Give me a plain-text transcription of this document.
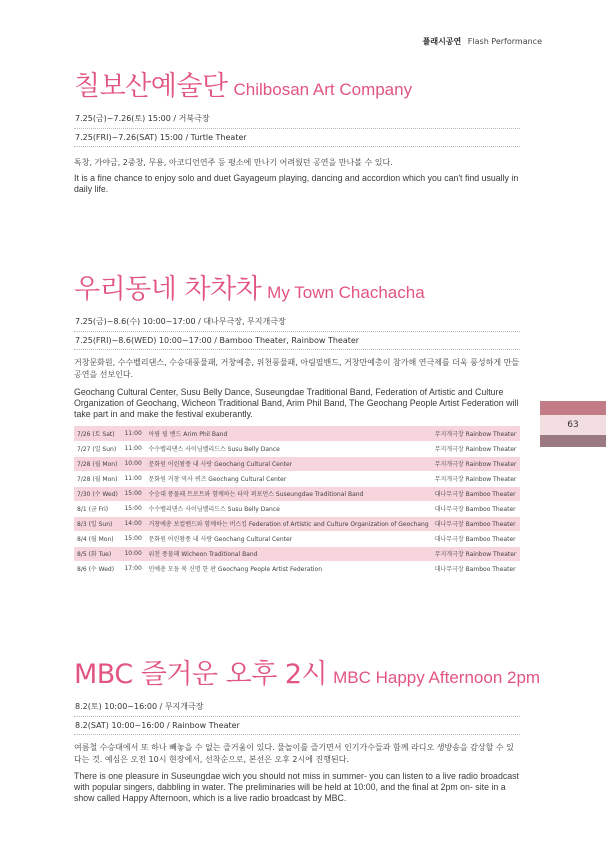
플래시공연 Flash Performance
63
칠보산예술단 Chilbosan Art Company
7.25(금)~7.26(토) 15:00 / 거북극장
7.25(FRI)~7.26(SAT) 15:00 / Turtle Theater
독창, 가야금, 2중창, 무용, 아코디언연주 등 평소에 만나기 어려웠던 공연을 만나볼 수 있다.
It is a fine chance to enjoy solo and duet Gayageum playing, dancing and accordion which you can't find usually in daily life.
우리동네 차차차 My Town Chachacha
7.25(금)~8.6(수) 10:00~17:00 / 대나무극장, 무지개극장
7.25(FRI)~8.6(WED) 10:00~17:00 / Bamboo Theater, Rainbow Theater
거창문화원, 수수벨리댄스, 수승대풍물패, 거창예총, 위천풍물패, 아림필밴드, 거창만예총이 참가해 연극제를 더욱 풍성하게 만들 공연을 선보인다.
Geochang Cultural Center, Susu Belly Dance, Suseungdae Traditional Band, Federation of Artistic and Culture Organization of Geochang, Wicheon Traditional Band, Arim Phil Band, The Geochang People Artist Federation will take part in and make the festival exuberantly.
7/26 (토 Sat)	11:00	아림 필 밴드 Arim Phil Band	무지개극장 Rainbow Theater
7/27 (일 Sun)	11:00	수수밸리댄스 사이님밸리드스 Susu Belly Dance	무지개극장 Rainbow Theater
7/28 (월 Mon)	10:00	문화원 어린왕풍 내 사랑 Geochang Cultural Center	무지개극장 Rainbow Theater
7/28 (월 Mon)	11:00	문화원 거창 역사 퀴즈 Geochang Cultural Center	무지개극장 Rainbow Theater
7/30 (수 Wed)	15:00	수승대 풍물패 트로트와 함께하는 타악 퍼포먼스 Suseungdae Traditional Band	대나무극장 Bamboo Theater
8/1 (금 Fri)	15:00	수수벨리댄스 사이님밸리드스 Susu Belly Dance	대나무극장 Bamboo Theater
8/3 (일 Sun)	14:00	거창예총 보컬밴드와 함께하는 버스킹 Federation of Artistic and Culture Organization of Geochang	대나무극장 Bamboo Theater
8/4 (월 Mon)	15:00	문화원 어린왕풍 내 사랑 Geochang Cultural Center	대나무극장 Bamboo Theater
8/5 (화 Tue)	10:00	위천 풍물패 Wicheon Traditional Band	무지개극장 Rainbow Theater
8/6 (수 Wed)	17:00	민예총 모듬 북 신명 한 판 Geochang People Artist Federation	대나무극장 Bamboo Theater
MBC 즐거운 오후 2시 MBC Happy Afternoon 2pm
8.2(토) 10:00~16:00 / 무지개극장
8.2(SAT) 10:00~16:00 / Rainbow Theater
여름철 수승대에서 또 하나 빼놓을 수 없는 즐거움이 있다. 물놀이를 즐기면서 인기가수들과 함께 라디오 생방송을 감상할 수 있다는 것. 예심은 오전 10시 현장에서, 선착순으로, 본선은 오후 2시에 진행된다.
There is one pleasure in Suseungdae wich you should not miss in summer- you can listen to a live radio broadcast with popular singers, dabbling in water. The preliminaries will be held at 10:00, and the final at 2pm on- site in a show called Happy Afternoon, which is a live radio broadcast by MBC.
